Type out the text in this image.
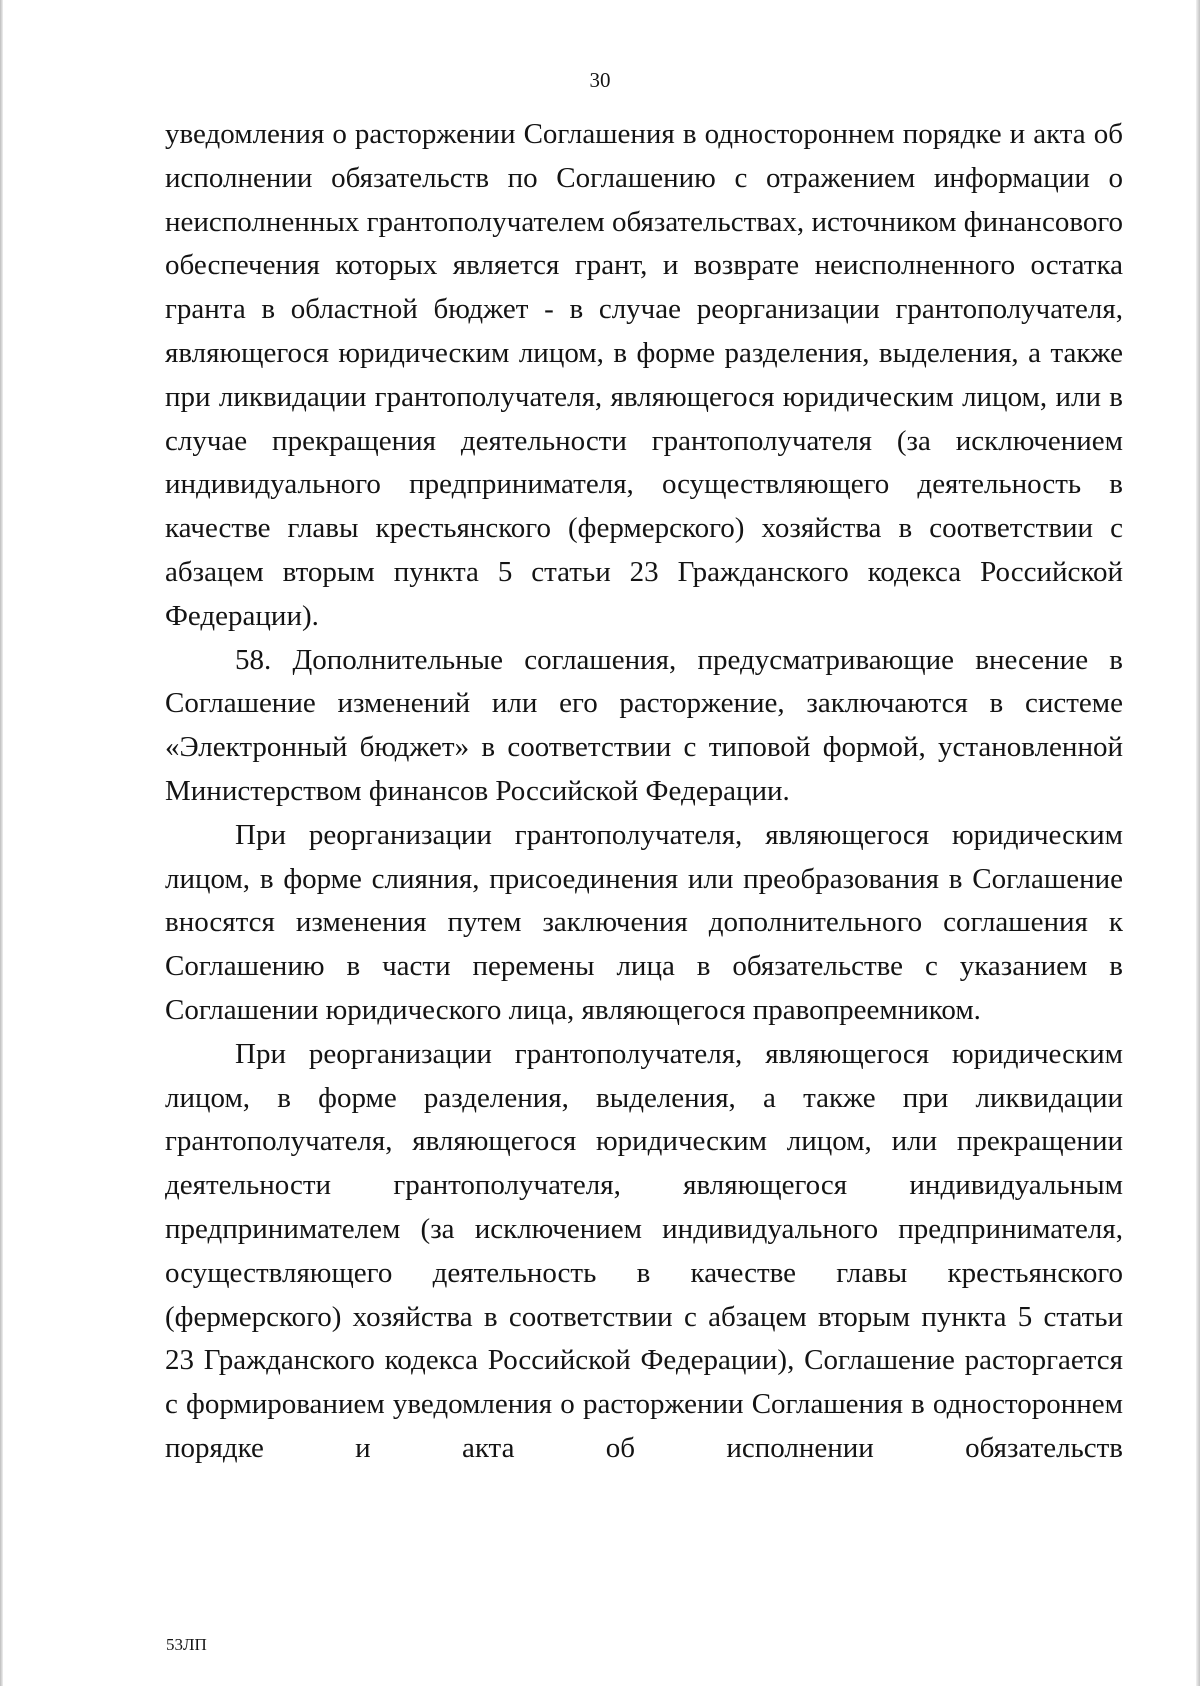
30

уведомления о расторжении Соглашения в одностороннем порядке и акта об исполнении обязательств по Соглашению с отражением информации о неисполненных грантополучателем обязательствах, источником финансового обеспечения которых является грант, и возврате неисполненного остатка гранта в областной бюджет - в случае реорганизации грантополучателя, являющегося юридическим лицом, в форме разделения, выделения, а также при ликвидации грантополучателя, являющегося юридическим лицом, или в случае прекращения деятельности грантополучателя (за исключением индивидуального предпринимателя, осуществляющего деятельность в качестве главы крестьянского (фермерского) хозяйства в соответствии с абзацем вторым пункта 5 статьи 23 Гражданского кодекса Российской Федерации).

58. Дополнительные соглашения, предусматривающие внесение в Соглашение изменений или его расторжение, заключаются в системе «Электронный бюджет» в соответствии с типовой формой, установленной Министерством финансов Российской Федерации.

При реорганизации грантополучателя, являющегося юридическим лицом, в форме слияния, присоединения или преобразования в Соглашение вносятся изменения путем заключения дополнительного соглашения к Соглашению в части перемены лица в обязательстве с указанием в Соглашении юридического лица, являющегося правопреемником.

При реорганизации грантополучателя, являющегося юридическим лицом, в форме разделения, выделения, а также при ликвидации грантополучателя, являющегося юридическим лицом, или прекращении деятельности грантополучателя, являющегося индивидуальным предпринимателем (за исключением индивидуального предпринимателя, осуществляющего деятельность в качестве главы крестьянского (фермерского) хозяйства в соответствии с абзацем вторым пункта 5 статьи 23 Гражданского кодекса Российской Федерации), Соглашение расторгается с формированием уведомления о расторжении Соглашения в одностороннем порядке и акта об исполнении обязательств

53ЛП
